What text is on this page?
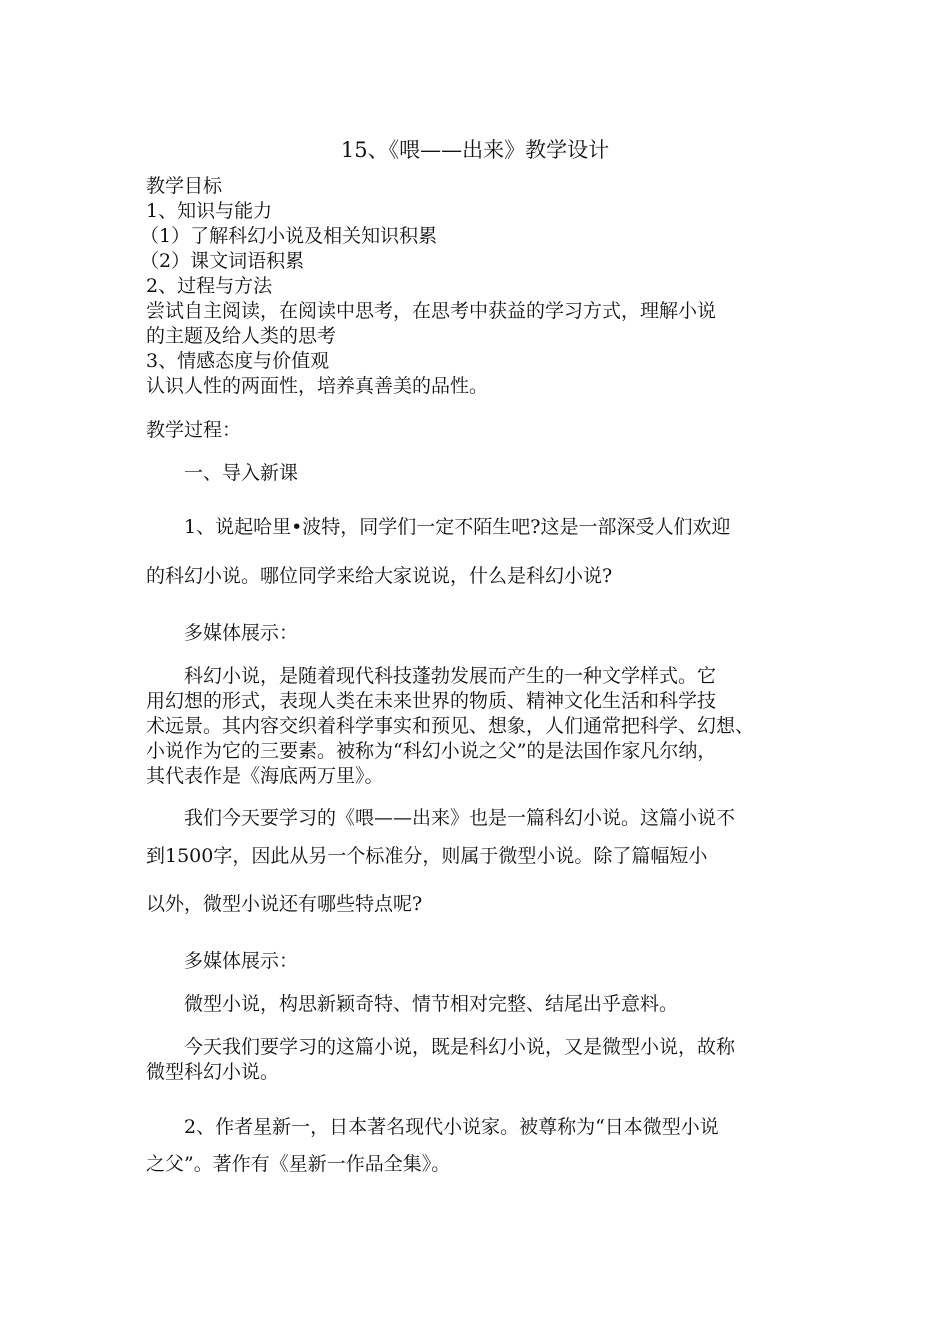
15、《喂——出来》教学设计
教学目标
1、知识与能力
（1）了解科幻小说及相关知识积累
（2）课文词语积累
2、过程与方法
尝试自主阅读，在阅读中思考，在思考中获益的学习方式，理解小说
的主题及给人类的思考
3、情感态度与价值观
认识人性的两面性，培养真善美的品性。
教学过程：
一、导入新课
1、说起哈里•波特，同学们一定不陌生吧?这是一部深受人们欢迎
的科幻小说。哪位同学来给大家说说，什么是科幻小说?
多媒体展示：
科幻小说，是随着现代科技蓬勃发展而产生的一种文学样式。它
用幻想的形式，表现人类在未来世界的物质、精神文化生活和科学技
术远景。其内容交织着科学事实和预见、想象，人们通常把科学、幻想、
小说作为它的三要素。被称为“科幻小说之父”的是法国作家凡尔纳，
其代表作是《海底两万里》。
我们今天要学习的《喂——出来》也是一篇科幻小说。这篇小说不
到1500字，因此从另一个标准分，则属于微型小说。除了篇幅短小
以外，微型小说还有哪些特点呢?
多媒体展示：
微型小说，构思新颖奇特、情节相对完整、结尾出乎意料。
今天我们要学习的这篇小说，既是科幻小说，又是微型小说，故称
微型科幻小说。
2、作者星新一，日本著名现代小说家。被尊称为“日本微型小说
之父”。著作有《星新一作品全集》。
